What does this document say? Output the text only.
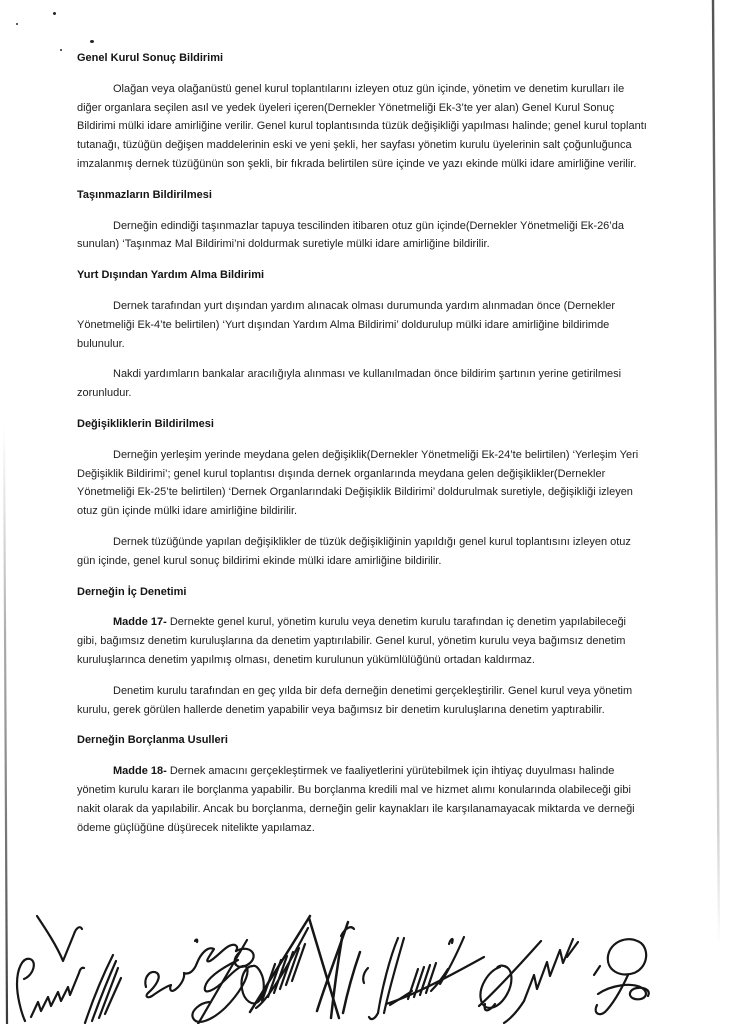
Genel Kurul Sonuç Bildirimi

Olağan veya olağanüstü genel kurul toplantılarını izleyen otuz gün içinde, yönetim ve denetim kurulları ile diğer organlara seçilen asıl ve yedek üyeleri içeren(Dernekler Yönetmeliği Ek-3’te yer alan) Genel Kurul Sonuç Bildirimi mülki idare amirliğine verilir. Genel kurul toplantısında tüzük değişikliği yapılması halinde; genel kurul toplantı tutanağı, tüzüğün değişen maddelerinin eski ve yeni şekli, her sayfası yönetim kurulu üyelerinin salt çoğunluğunca imzalanmış dernek tüzüğünün son şekli, bir fıkrada belirtilen süre içinde ve yazı ekinde mülki idare amirliğine verilir.

Taşınmazların Bildirilmesi

Derneğin edindiği taşınmazlar tapuya tescilinden itibaren otuz gün içinde(Dernekler Yönetmeliği Ek-26’da sunulan) ‘Taşınmaz Mal Bildirimi’ni doldurmak suretiyle mülki idare amirliğine bildirilir.

Yurt Dışından Yardım Alma Bildirimi

Dernek tarafından yurt dışından yardım alınacak olması durumunda yardım alınmadan önce (Dernekler Yönetmeliği Ek-4’te belirtilen) ‘Yurt dışından Yardım Alma Bildirimi’ doldurulup mülki idare amirliğine bildirimde bulunulur.

Nakdi yardımların bankalar aracılığıyla alınması ve kullanılmadan önce bildirim şartının yerine getirilmesi zorunludur.

Değişikliklerin Bildirilmesi

Derneğin yerleşim yerinde meydana gelen değişiklik(Dernekler Yönetmeliği Ek-24’te belirtilen) ‘Yerleşim Yeri Değişiklik Bildirimi’; genel kurul toplantısı dışında dernek organlarında meydana gelen değişiklikler(Dernekler Yönetmeliği Ek-25’te belirtilen) ‘Dernek Organlarındaki Değişiklik Bildirimi’ doldurulmak suretiyle, değişikliği izleyen otuz gün içinde mülki idare amirliğine bildirilir.

Dernek tüzüğünde yapılan değişiklikler de tüzük değişikliğinin yapıldığı genel kurul toplantısını izleyen otuz gün içinde, genel kurul sonuç bildirimi ekinde mülki idare amirliğine bildirilir.

Derneğin İç Denetimi

Madde 17- Dernekte genel kurul, yönetim kurulu veya denetim kurulu tarafından iç denetim yapılabileceği gibi, bağımsız denetim kuruluşlarına da denetim yaptırılabilir. Genel kurul, yönetim kurulu veya bağımsız denetim kuruluşlarınca denetim yapılmış olması, denetim kurulunun yükümlülüğünü ortadan kaldırmaz.

Denetim kurulu tarafından en geç yılda bir defa derneğin denetimi gerçekleştirilir. Genel kurul veya yönetim kurulu, gerek görülen hallerde denetim yapabilir veya bağımsız bir denetim kuruluşlarına denetim yaptırabilir.

Derneğin Borçlanma Usulleri

Madde 18- Dernek amacını gerçekleştirmek ve faaliyetlerini yürütebilmek için ihtiyaç duyulması halinde yönetim kurulu kararı ile borçlanma yapabilir. Bu borçlanma kredili mal ve hizmet alımı konularında olabileceği gibi nakit olarak da yapılabilir. Ancak bu borçlanma, derneğin gelir kaynakları ile karşılanamayacak miktarda ve derneği ödeme güçlüğüne düşürecek nitelikte yapılamaz.
